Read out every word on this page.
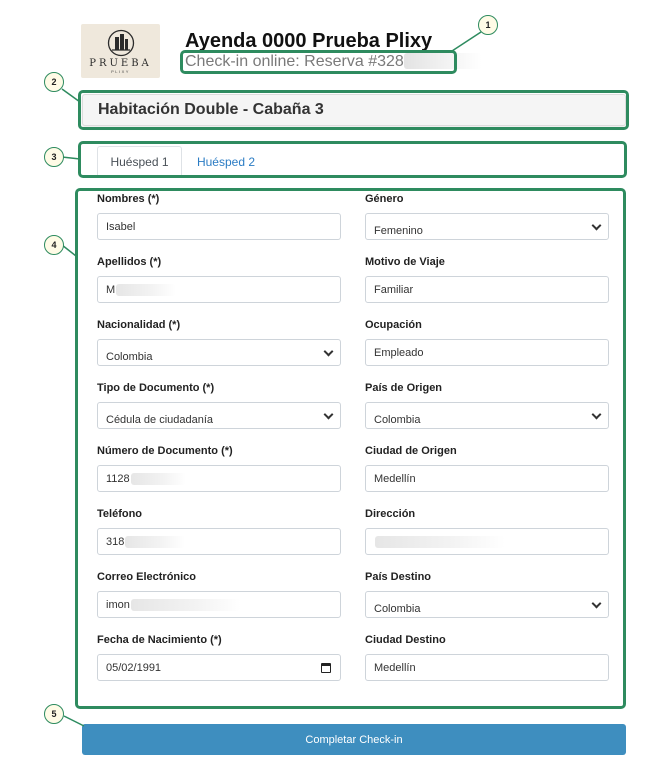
PRUEBA
PLIXY
Ayenda 0000 Prueba Plixy
Check-in online: Reserva #328
Habitación Double - Cabaña 3
Huésped 1	Huésped 2
Nombres (*)
Isabel
Apellidos (*)
M
Nacionalidad (*)
Colombia
Tipo de Documento (*)
Cédula de ciudadanía
Número de Documento (*)
1128
Teléfono
318
Correo Electrónico
imon
Fecha de Nacimiento (*)
05/02/1991
Género
Femenino
Motivo de Viaje
Familiar
Ocupación
Empleado
País de Origen
Colombia
Ciudad de Origen
Medellín
Dirección
País Destino
Colombia
Ciudad Destino
Medellín
Completar Check-in
1
2
3
4
5
